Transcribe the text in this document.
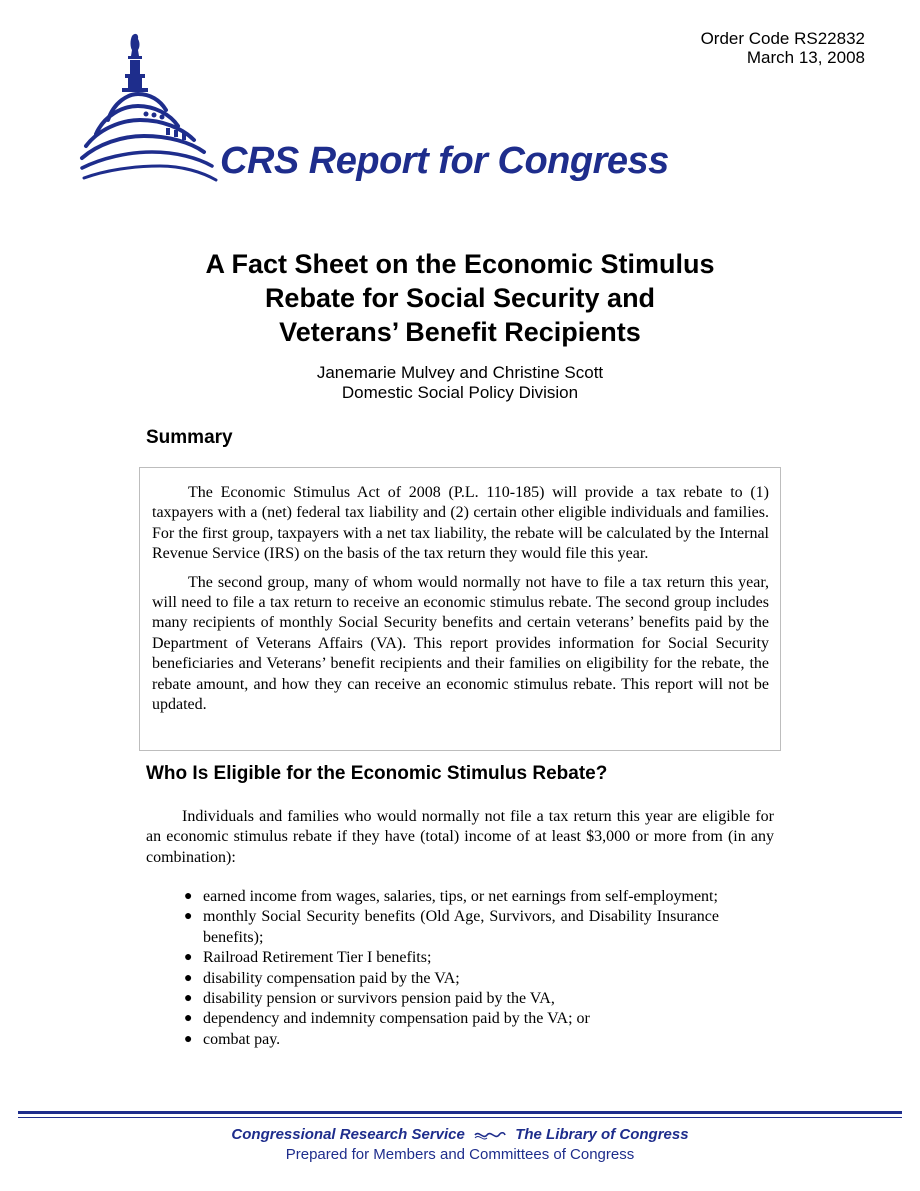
Order Code RS22832
March 13, 2008
CRS Report for Congress
A Fact Sheet on the Economic Stimulus
Rebate for Social Security and
Veterans’ Benefit Recipients
Janemarie Mulvey and Christine Scott
Domestic Social Policy Division
Summary

The Economic Stimulus Act of 2008 (P.L. 110-185) will provide a tax rebate to (1) taxpayers with a (net) federal tax liability and (2) certain other eligible individuals and families. For the first group, taxpayers with a net tax liability, the rebate will be calculated by the Internal Revenue Service (IRS) on the basis of the tax return they would file this year.

The second group, many of whom would normally not have to file a tax return this year, will need to file a tax return to receive an economic stimulus rebate. The second group includes many recipients of monthly Social Security benefits and certain veterans’ benefits paid by the Department of Veterans Affairs (VA). This report provides information for Social Security beneficiaries and Veterans’ benefit recipients and their families on eligibility for the rebate, the rebate amount, and how they can receive an economic stimulus rebate. This report will not be updated.

Who Is Eligible for the Economic Stimulus Rebate?

Individuals and families who would normally not file a tax return this year are eligible for an economic stimulus rebate if they have (total) income of at least $3,000 or more from (in any combination):

● earned income from wages, salaries, tips, or net earnings from self-employment;
● monthly Social Security benefits (Old Age, Survivors, and Disability Insurance benefits);
● Railroad Retirement Tier I benefits;
● disability compensation paid by the VA;
● disability pension or survivors pension paid by the VA,
● dependency and indemnity compensation paid by the VA; or
● combat pay.
Congressional Research Service	The Library of Congress
Prepared for Members and Committees of Congress
